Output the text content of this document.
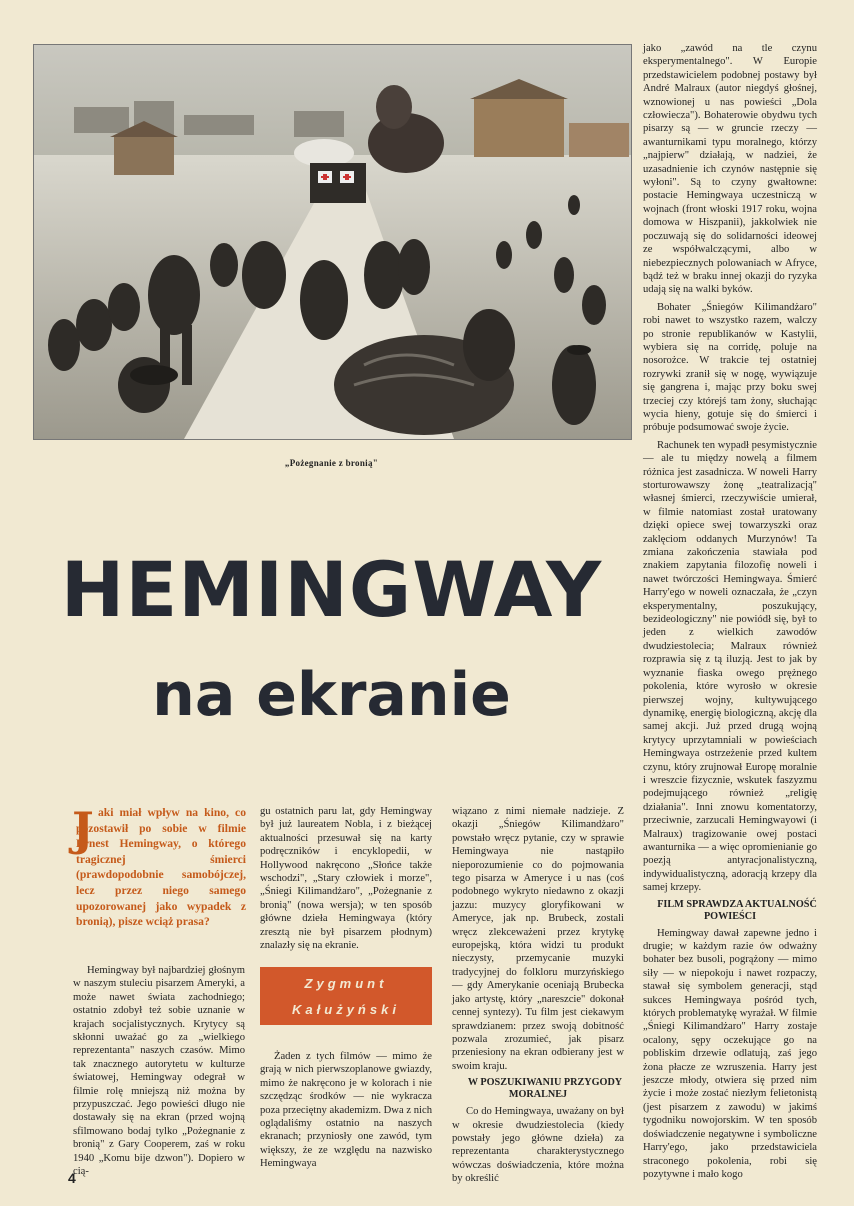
„Pożegnanie z bronią"
HEMINGWAY
na ekranie
J aki miał wpływ na kino, co pozostawił po sobie w filmie Ernest Hemingway, o którego tragicznej śmierci (prawdopodobnie samobójczej, lecz przez niego samego upozorowanej jako wypadek z bronią), pisze wciąż prasa?
Zygmunt
Kałużyński

Hemingway był najbardziej głośnym w naszym stuleciu pisarzem Ameryki, a może nawet świata zachodniego; ostatnio zdobył też sobie uznanie w krajach socjalistycznych. Krytycy są skłonni uważać go za „wielkiego reprezentanta" naszych czasów. Mimo tak znacznego autorytetu w kulturze światowej, Hemingway odegrał w filmie rolę mniejszą niż można by przypuszczać. Jego powieści długo nie dostawały się na ekran (przed wojną sfilmowano bodaj tylko „Pożegnanie z bronią" z Gary Cooperem, zaś w roku 1940 „Komu bije dzwon"). Dopiero w cią-

gu ostatnich paru lat, gdy Hemingway był już laureatem Nobla, i z bieżącej aktualności przesuwał się na karty podręczników i encyklopedii, w Hollywood nakręcono „Słońce także wschodzi", „Stary człowiek i morze", „Śniegi Kilimandżaro", „Pożegnanie z bronią" (nowa wersja); w ten sposób główne dzieła Hemingwaya (który zresztą nie był pisarzem płodnym) znalazły się na ekranie.

Żaden z tych filmów — mimo że grają w nich pierwszoplanowe gwiazdy, mimo że nakręcono je w kolorach i nie szczędząc środków — nie wykracza poza przeciętny akademizm. Dwa z nich oglądaliśmy ostatnio na naszych ekranach; przyniosły one zawód, tym większy, że ze względu na nazwisko Hemingwaya

wiązano z nimi niemałe nadzieje. Z okazji „Śniegów Kilimandżaro" powstało wręcz pytanie, czy w sprawie Hemingwaya nie nastąpiło nieporozumienie co do pojmowania tego pisarza w Ameryce i u nas (coś podobnego wykryto niedawno z okazji jazzu: muzycy gloryfikowani w Ameryce, jak np. Brubeck, zostali wręcz zlekceważeni przez krytykę europejską, która widzi tu produkt nieczysty, przemycanie muzyki tradycyjnej do folkloru murzyńskiego — gdy Amerykanie oceniają Brubecka jako artystę, który „nareszcie" dokonał cennej syntezy). Tu film jest ciekawym sprawdzianem: przez swoją dobitność pozwala zrozumieć, jak pisarz przeniesiony na ekran odbierany jest w swoim kraju.

W POSZUKIWANIU PRZYGODY MORALNEJ

Co do Hemingwaya, uważany on był w okresie dwudziestolecia (kiedy powstały jego główne dzieła) za reprezentanta charakterystycznego wówczas doświadczenia, które można by określić

jako „zawód na tle czynu eksperymentalnego". W Europie przedstawicielem podobnej postawy był André Malraux (autor niegdyś głośnej, wznowionej u nas powieści „Dola człowiecza"). Bohaterowie obydwu tych pisarzy są — w gruncie rzeczy — awanturnikami typu moralnego, którzy „najpierw" działają, w nadziei, że uzasadnienie ich czynów następnie się wyłoni". Są to czyny gwałtowne: postacie Hemingwaya uczestniczą w wojnach (front włoski 1917 roku, wojna domowa w Hiszpanii), jakkolwiek nie poczuwają się do solidarności ideowej ze współwalczącymi, albo w niebezpiecznych polowaniach w Afryce, bądź też w braku innej okazji do ryzyka udają się na walki byków.

Bohater „Śniegów Kilimandżaro" robi nawet to wszystko razem, walczy po stronie republikanów w Kastylii, wybiera się na corridę, poluje na nosorożce. W trakcie tej ostatniej rozrywki zranił się w nogę, wywiązuje się gangrena i, mając przy boku swej trzeciej czy którejś tam żony, słuchając wycia hieny, gotuje się do śmierci i próbuje podsumować swoje życie.

Rachunek ten wypadł pesymistycznie — ale tu między nowelą a filmem różnica jest zasadnicza. W noweli Harry storturowawszy żonę „teatralizacją" własnej śmierci, rzeczywiście umierał, w filmie natomiast został uratowany dzięki opiece swej towarzyszki oraz zaklęciom oddanych Murzynów! Ta zmiana zakończenia stawiała pod znakiem zapytania filozofię noweli i nawet twórczości Hemingwaya. Śmierć Harry'ego w noweli oznaczała, że „czyn eksperymentalny, poszukujący, bezideologiczny" nie powiódł się, był to jeden z wielkich zawodów dwudziestolecia; Malraux również rozprawia się z tą iluzją. Jest to jak by wyznanie fiaska owego prężnego pokolenia, które wyrosło w okresie pierwszej wojny, kultywującego dynamikę, energię biologiczną, akcję dla samej akcji. Już przed drugą wojną krytycy uprzytamniali w powieściach Hemingwaya ostrzeżenie przed kultem czynu, który zrujnował Europę moralnie i wreszcie fizycznie, wskutek faszyzmu podejmującego również „religię działania". Inni znowu komentatorzy, przeciwnie, zarzucali Hemingwayowi (i Malraux) tragizowanie owej postaci awanturnika — a więc opromienianie go poezją antyracjonalistyczną, indywidualistyczną, adoracją krzepy dla samej krzepy.

FILM SPRAWDZA AKTUALNOŚĆ POWIEŚCI

Hemingway dawał zapewne jedno i drugie; w każdym razie ów odważny bohater bez busoli, pogrążony — mimo siły — w niepokoju i nawet rozpaczy, stawał się symbolem generacji, stąd sukces Hemingwaya pośród tych, których problematykę wyrażał. W filmie „Śniegi Kilimandżaro" Harry zostaje ocalony, sępy oczekujące go na pobliskim drzewie odlatują, zaś jego żona płacze ze wzruszenia. Harry jest jeszcze młody, otwiera się przed nim życie i może zostać niezłym felietonistą (jest pisarzem z zawodu) w jakimś tygodniku nowojorskim. W ten sposób doświadczenie negatywne i symboliczne Harry'ego, jako przedstawiciela straconego pokolenia, robi się pozytywne i mało kogo

4
